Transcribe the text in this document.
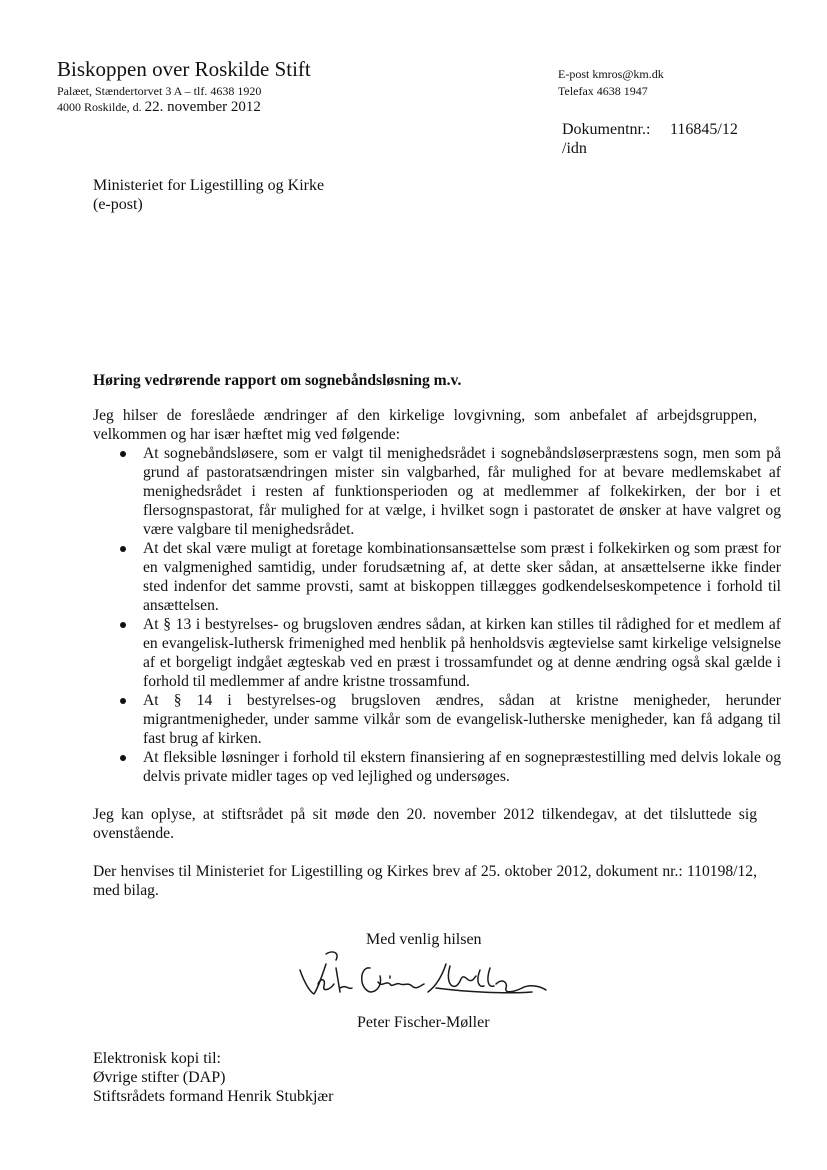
Biskoppen over Roskilde Stift
Palæet, Stændertorvet 3 A – tlf. 4638 1920
4000 Roskilde, d. 22. november 2012
E-post kmros@km.dk
Telefax 4638 1947
Dokumentnr.: 116845/12
/idn
Ministeriet for Ligestilling og Kirke
(e-post)

Høring vedrørende rapport om sognebåndsløsning m.v.

Jeg hilser de foreslåede ændringer af den kirkelige lovgivning, som anbefalet af arbejdsgruppen, velkommen og har især hæftet mig ved følgende:

At sognebåndsløsere, som er valgt til menighedsrådet i sognebåndsløserpræstens sogn, men som på grund af pastoratsændringen mister sin valgbarhed, får mulighed for at bevare medlemskabet af menighedsrådet i resten af funktionsperioden og at medlemmer af folkekirken, der bor i et flersognspastorat, får mulighed for at vælge, i hvilket sogn i pastoratet de ønsker at have valgret og være valgbare til menighedsrådet.
At det skal være muligt at foretage kombinationsansættelse som præst i folkekirken og som præst for en valgmenighed samtidig, under forudsætning af, at dette sker sådan, at ansættelserne ikke finder sted indenfor det samme provsti, samt at biskoppen tillægges godkendelseskompetence i forhold til ansættelsen.
At § 13 i bestyrelses- og brugsloven ændres sådan, at kirken kan stilles til rådighed for et medlem af en evangelisk-luthersk frimenighed med henblik på henholdsvis ægtevielse samt kirkelige velsignelse af et borgeligt indgået ægteskab ved en præst i trossamfundet og at denne ændring også skal gælde i forhold til medlemmer af andre kristne trossamfund.
At § 14 i bestyrelses-og brugsloven ændres, sådan at kristne menigheder, herunder migrantmenigheder, under samme vilkår som de evangelisk-lutherske menigheder, kan få adgang til fast brug af kirken.
At fleksible løsninger i forhold til ekstern finansiering af en sognepræstestilling med delvis lokale og delvis private midler tages op ved lejlighed og undersøges.

Jeg kan oplyse, at stiftsrådet på sit møde den 20. november 2012 tilkendegav, at det tilsluttede sig ovenstående.

Der henvises til Ministeriet for Ligestilling og Kirkes brev af 25. oktober 2012, dokument nr.: 110198/12, med bilag.

Med venlig hilsen
Peter Fischer-Møller
Elektronisk kopi til:
Øvrige stifter (DAP)
Stiftsrådets formand Henrik Stubkjær
